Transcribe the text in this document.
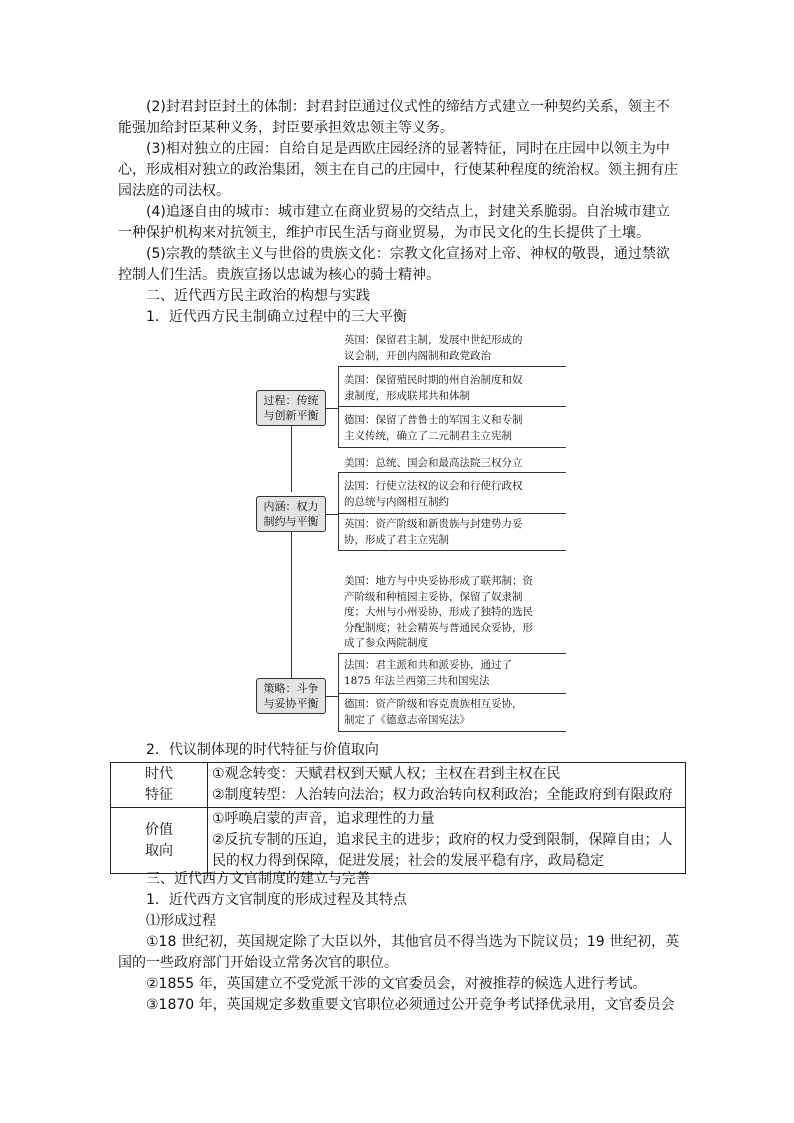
(2)封君封臣封土的体制：封君封臣通过仪式性的缔结方式建立一种契约关系，领主不
能强加给封臣某种义务，封臣要承担效忠领主等义务。
(3)相对独立的庄园：自给自足是西欧庄园经济的显著特征，同时在庄园中以领主为中
心，形成相对独立的政治集团，领主在自己的庄园中，行使某种程度的统治权。领主拥有庄
园法庭的司法权。
(4)追逐自由的城市：城市建立在商业贸易的交结点上，封建关系脆弱。自治城市建立
一种保护机构来对抗领主，维护市民生活与商业贸易，为市民文化的生长提供了土壤。
(5)宗教的禁欲主义与世俗的贵族文化：宗教文化宣扬对上帝、神权的敬畏，通过禁欲
控制人们生活。贵族宣扬以忠诚为核心的骑士精神。
二、近代西方民主政治的构想与实践
1．近代西方民主制确立过程中的三大平衡
过程：传统
与创新平衡
英国：保留君主制，发展中世纪形成的
议会制，开创内阁制和政党政治
美国：保留殖民时期的州自治制度和奴
隶制度，形成联邦共和体制
德国：保留了普鲁士的军国主义和专制
主义传统，确立了二元制君主立宪制
内涵：权力
制约与平衡
美国：总统、国会和最高法院三权分立
法国：行使立法权的议会和行使行政权
的总统与内阁相互制约
英国：资产阶级和新贵族与封建势力妥
协，形成了君主立宪制
策略：斗争
与妥协平衡
美国：地方与中央妥协形成了联邦制；资
产阶级和种植园主妥协，保留了奴隶制
度；大州与小州妥协，形成了独特的选民
分配制度；社会精英与普通民众妥协，形
成了参众两院制度
法国：君主派和共和派妥协，通过了
1875 年法兰西第三共和国宪法
德国：资产阶级和容克贵族相互妥协，
制定了《德意志帝国宪法》
2．代议制体现的时代特征与价值取向
时代
特征	①观念转变：天赋君权到天赋人权；主权在君到主权在民
②制度转型：人治转向法治；权力政治转向权利政治；全能政府到有限政府

价值
取向	①呼唤启蒙的声音，追求理性的力量
②反抗专制的压迫，追求民主的进步；政府的权力受到限制，保障自由；人
民的权力得到保障，促进发展；社会的发展平稳有序，政局稳定
三、近代西方文官制度的建立与完善
1．近代西方文官制度的形成过程及其特点
⑴形成过程
①18 世纪初，英国规定除了大臣以外，其他官员不得当选为下院议员；19 世纪初，英
国的一些政府部门开始设立常务次官的职位。
②1855 年，英国建立不受党派干涉的文官委员会，对被推荐的候选人进行考试。
③1870 年，英国规定多数重要文官职位必须通过公开竞争考试择优录用，文官委员会
